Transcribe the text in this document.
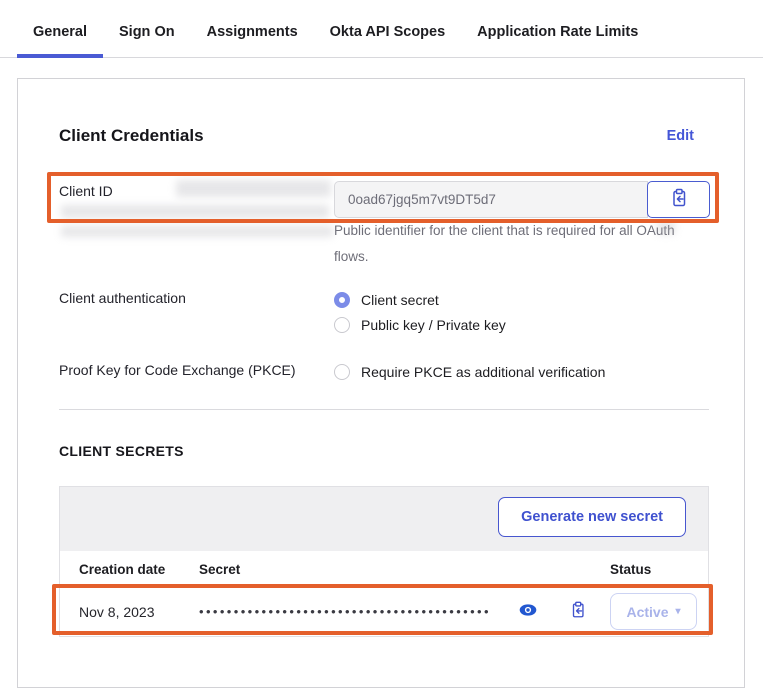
General	Sign On	Assignments	Okta API Scopes	Application Rate Limits
Client Credentials	Edit
Client ID
0oad67jgq5m7vt9DT5d7
Public identifier for the client that is required for all OAuth flows.
Client authentication	Client secret
Public key / Private key
Proof Key for Code Exchange (PKCE)	Require PKCE as additional verification
CLIENT SECRETS
Generate new secret
Creation date	Secret	Status
Nov 8, 2023	••••••••••••••••••••••••••••••••••••••••••	Active ▾
